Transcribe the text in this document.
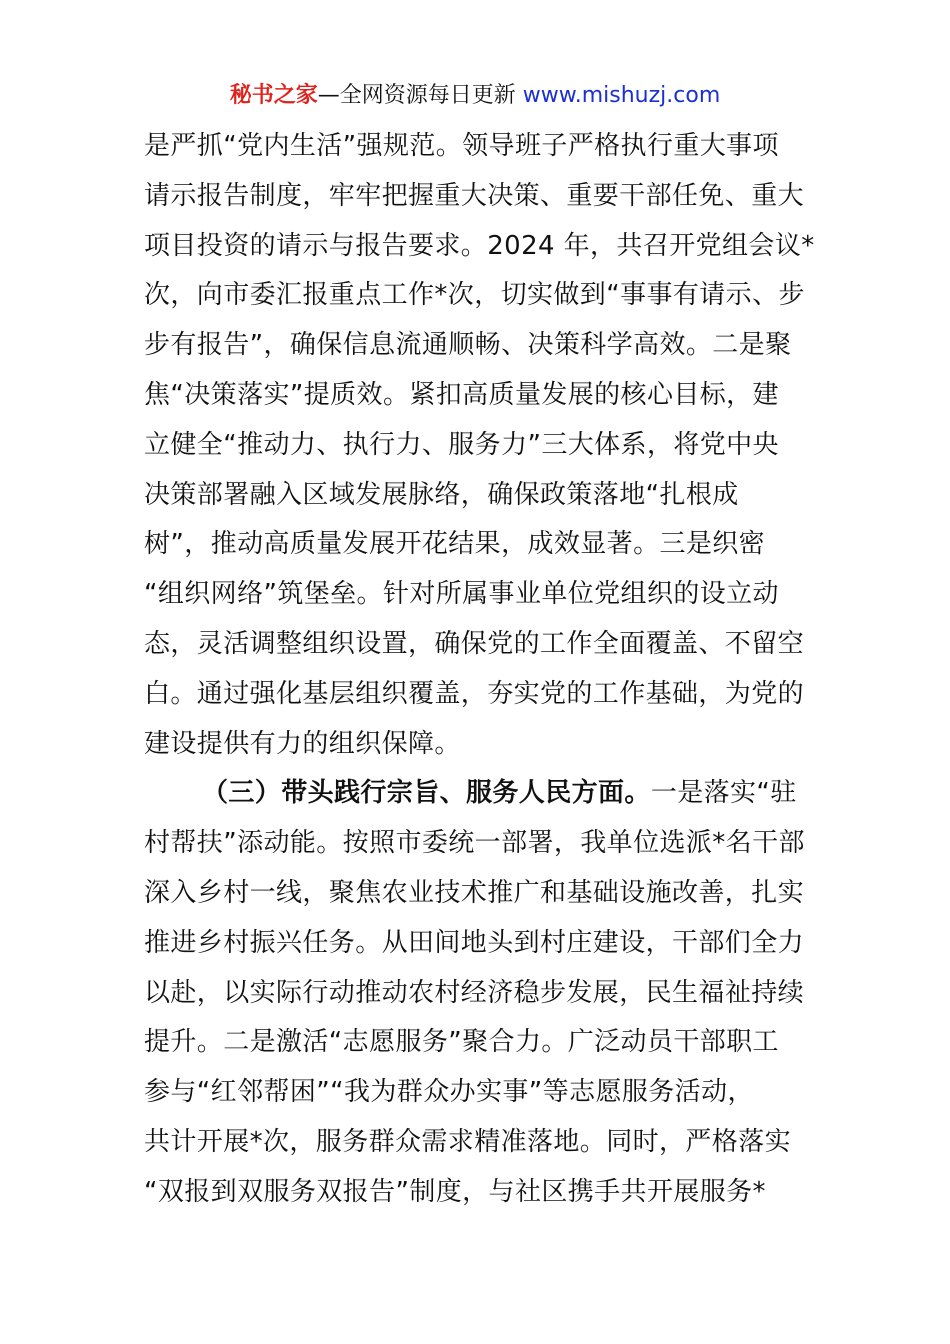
秘书之家—全网资源每日更新 www.mishuzj.com
是严抓“党内生活”强规范。领导班子严格执行重大事项
请示报告制度，牢牢把握重大决策、重要干部任免、重大
项目投资的请示与报告要求。2024 年，共召开党组会议*
次，向市委汇报重点工作*次，切实做到“事事有请示、步
步有报告”，确保信息流通顺畅、决策科学高效。二是聚
焦“决策落实”提质效。紧扣高质量发展的核心目标，建
立健全“推动力、执行力、服务力”三大体系，将党中央
决策部署融入区域发展脉络，确保政策落地“扎根成
树”，推动高质量发展开花结果，成效显著。三是织密
“组织网络”筑堡垒。针对所属事业单位党组织的设立动
态，灵活调整组织设置，确保党的工作全面覆盖、不留空
白。通过强化基层组织覆盖，夯实党的工作基础，为党的
建设提供有力的组织保障。
（三）带头践行宗旨、服务人民方面。一是落实“驻
村帮扶”添动能。按照市委统一部署，我单位选派*名干部
深入乡村一线，聚焦农业技术推广和基础设施改善，扎实
推进乡村振兴任务。从田间地头到村庄建设，干部们全力
以赴，以实际行动推动农村经济稳步发展，民生福祉持续
提升。二是激活“志愿服务”聚合力。广泛动员干部职工
参与“红邻帮困”“我为群众办实事”等志愿服务活动，
共计开展*次，服务群众需求精准落地。同时，严格落实
“双报到双服务双报告”制度，与社区携手共开展服务*
